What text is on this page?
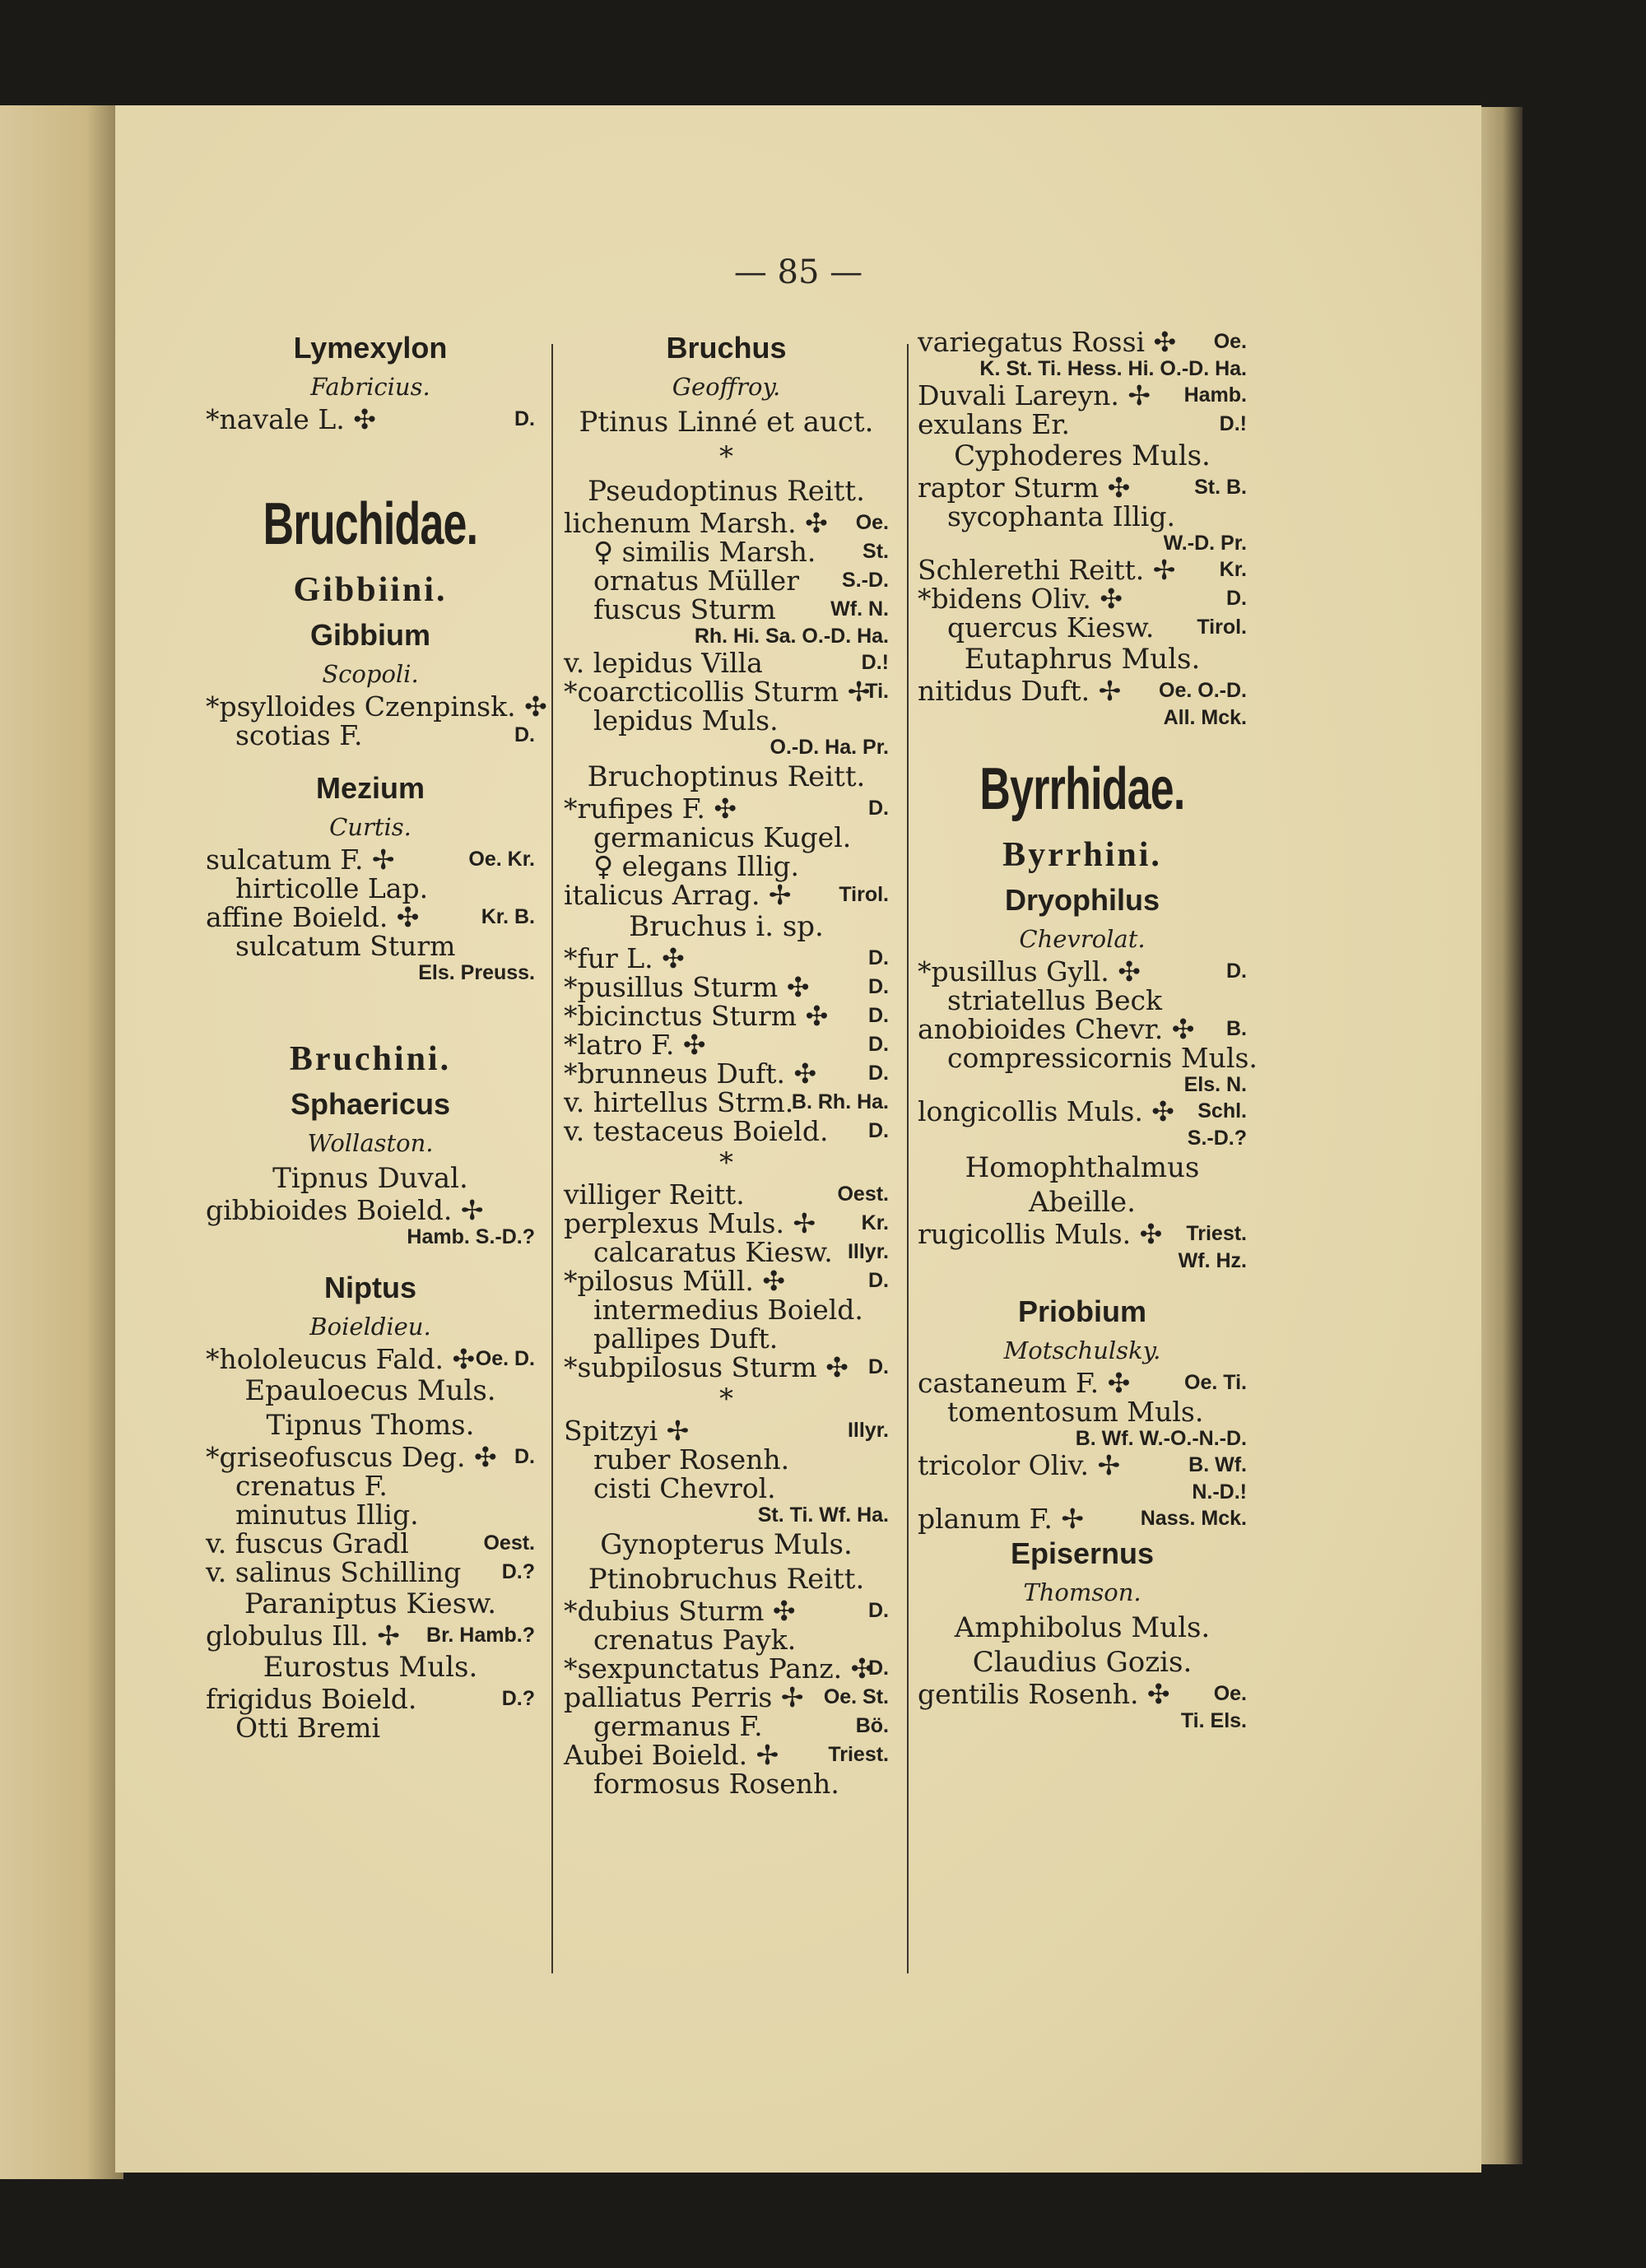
— 85 —
Lymexylon
Fabricius.
*navale L. ✣	D.
Bruchidae.
Gibbiini.
Gibbium
Scopoli.
*psylloides Czenpinsk. ✣
scotias F.	D.
Mezium
Curtis.
sulcatum F. ✢	Oe. Kr.
hirticolle Lap.
affine Boield. ✣	Kr. B.
sulcatum Sturm
Els. Preuss.
Bruchini.
Sphaericus
Wollaston.
Tipnus Duval.
gibbioides Boield. ✢
Hamb. S.-D.?
Niptus
Boieldieu.
*hololeucus Fald. ✣ Oe. D.
Epauloecus Muls.
Tipnus Thoms.
*griseofuscus Deg. ✣ D.
crenatus F.
minutus Illig.
v. fuscus Gradl	Oest.
v. salinus Schilling D.?
Paraniptus Kiesw.
globulus Ill. ✢ Br. Hamb.?
Eurostus Muls.
frigidus Boield.	D.?
Otti Bremi
Bruchus
Geoffroy.
Ptinus Linné et auct.
*
Pseudoptinus Reitt.
lichenum Marsh. ✣ Oe.
♀ similis Marsh. St.
ornatus Müller S.-D.
fuscus Sturm	Wf. N.
Rh. Hi. Sa. O.-D. Ha.
v. lepidus Villa	D.!
*coarcticollis Sturm ✢
Ti.
lepidus Muls.
O.-D. Ha. Pr.
Bruchoptinus Reitt.
*rufipes F. ✣	D.
germanicus Kugel.
♀ elegans Illig.
italicus Arrag. ✢ Tirol.
Bruchus i. sp.
*fur L. ✣	D.
*pusillus Sturm ✣	D.
*bicinctus Sturm ✣ D.
*latro F. ✣	D.
*brunneus Duft. ✣	D.
v. hirtellus Strm.
B. Rh. Ha.
v. testaceus Boield. D.
*
villiger Reitt.	Oest.
perplexus Muls. ✢ Kr.
calcaratus Kiesw. Illyr.
*pilosus Müll. ✣	D.
intermedius Boield.
pallipes Duft.
*subpilosus Sturm ✣ D.
*
Spitzyi ✢	Illyr.
ruber Rosenh.
cisti Chevrol.
St. Ti. Wf. Ha.
Gynopterus Muls.
Ptinobruchus Reitt.
*dubius Sturm ✣	D.
crenatus Payk.
*sexpunctatus Panz. ✣
D.
palliatus Perris ✢ Oe. St.
germanus F.	Bö.
Aubei Boield. ✢ Triest.
formosus Rosenh.
variegatus Rossi ✣ Oe.
K. St. Ti. Hess. Hi. O.-D. Ha.
Duvali Lareyn. ✢ Hamb.
exulans Er.	D.!
Cyphoderes Muls.
raptor Sturm ✣	St. B.
sycophanta Illig.
W.-D. Pr.
Schlerethi Reitt. ✢ Kr.
*bidens Oliv. ✣	D.
quercus Kiesw. Tirol.
Eutaphrus Muls.
nitidus Duft. ✢ Oe. O.-D.
All. Mck.
Byrrhidae.
Byrrhini.
Dryophilus
Chevrolat.
*pusillus Gyll. ✣	D.
striatellus Beck
anobioides Chevr. ✣ B.
compressicornis Muls.
Els. N.
longicollis Muls. ✣ Schl.
S.-D.?
Homophthalmus
Abeille.
rugicollis Muls. ✣ Triest.
Wf. Hz.
Priobium
Motschulsky.
castaneum F. ✣	Oe. Ti.
tomentosum Muls.
B. Wf. W.-O.-N.-D.
tricolor Oliv. ✢	B. Wf.
N.-D.!
planum F. ✢	Nass. Mck.
Episernus
Thomson.
Amphibolus Muls.
Claudius Gozis.
gentilis Rosenh. ✣ Oe.
Ti. Els.
